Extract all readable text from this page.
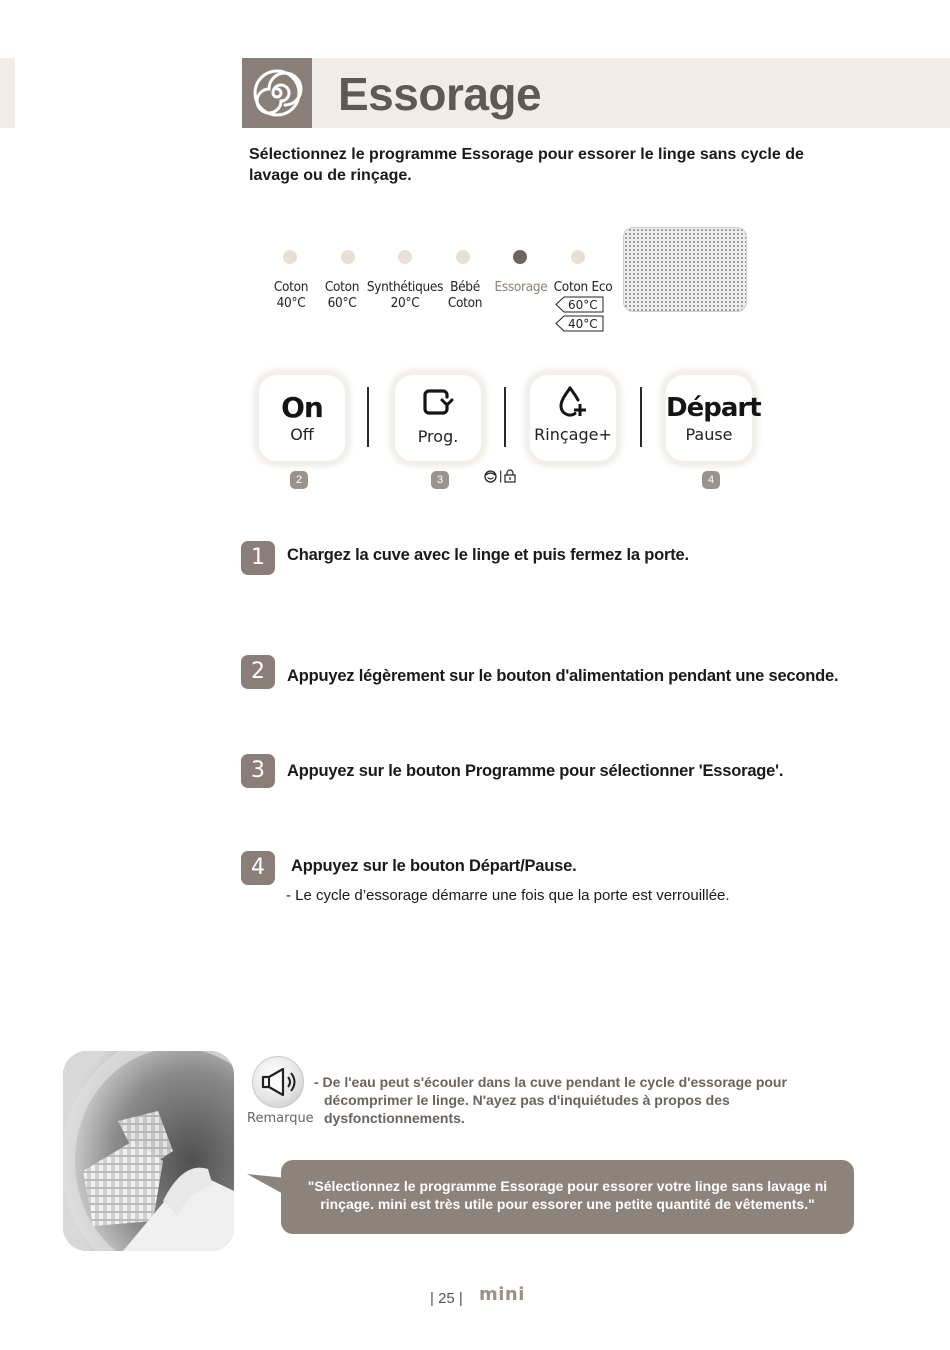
Essorage
Sélectionnez le programme Essorage pour essorer le linge sans cycle de lavage ou de rinçage.
Coton
40°C
Coton
60°C
Synthétiques
20°C
Bébé
Coton
Essorage Coton Eco
60°C
40°C
On
Off	Prog.	Rinçage+
Départ
Pause
2	3	4
|
1	Chargez la cuve avec le linge et puis fermez la porte.
2	Appuyez légèrement sur le bouton d'alimentation pendant une seconde.
3	Appuyez sur le bouton Programme pour sélectionner 'Essorage'.
4	Appuyez sur le bouton Départ/Pause.
- Le cycle d’essorage démarre une fois que la porte est verrouillée.
Remarque
- De l'eau peut s'écouler dans la cuve pendant le cycle d'essorage pour
décomprimer le linge. N'ayez pas d'inquiétudes à propos des
dysfonctionnements.
"Sélectionnez le programme Essorage pour essorer votre linge sans lavage ni
rinçage. mini est très utile pour essorer une petite quantité de vêtements."
| 25 | mini
